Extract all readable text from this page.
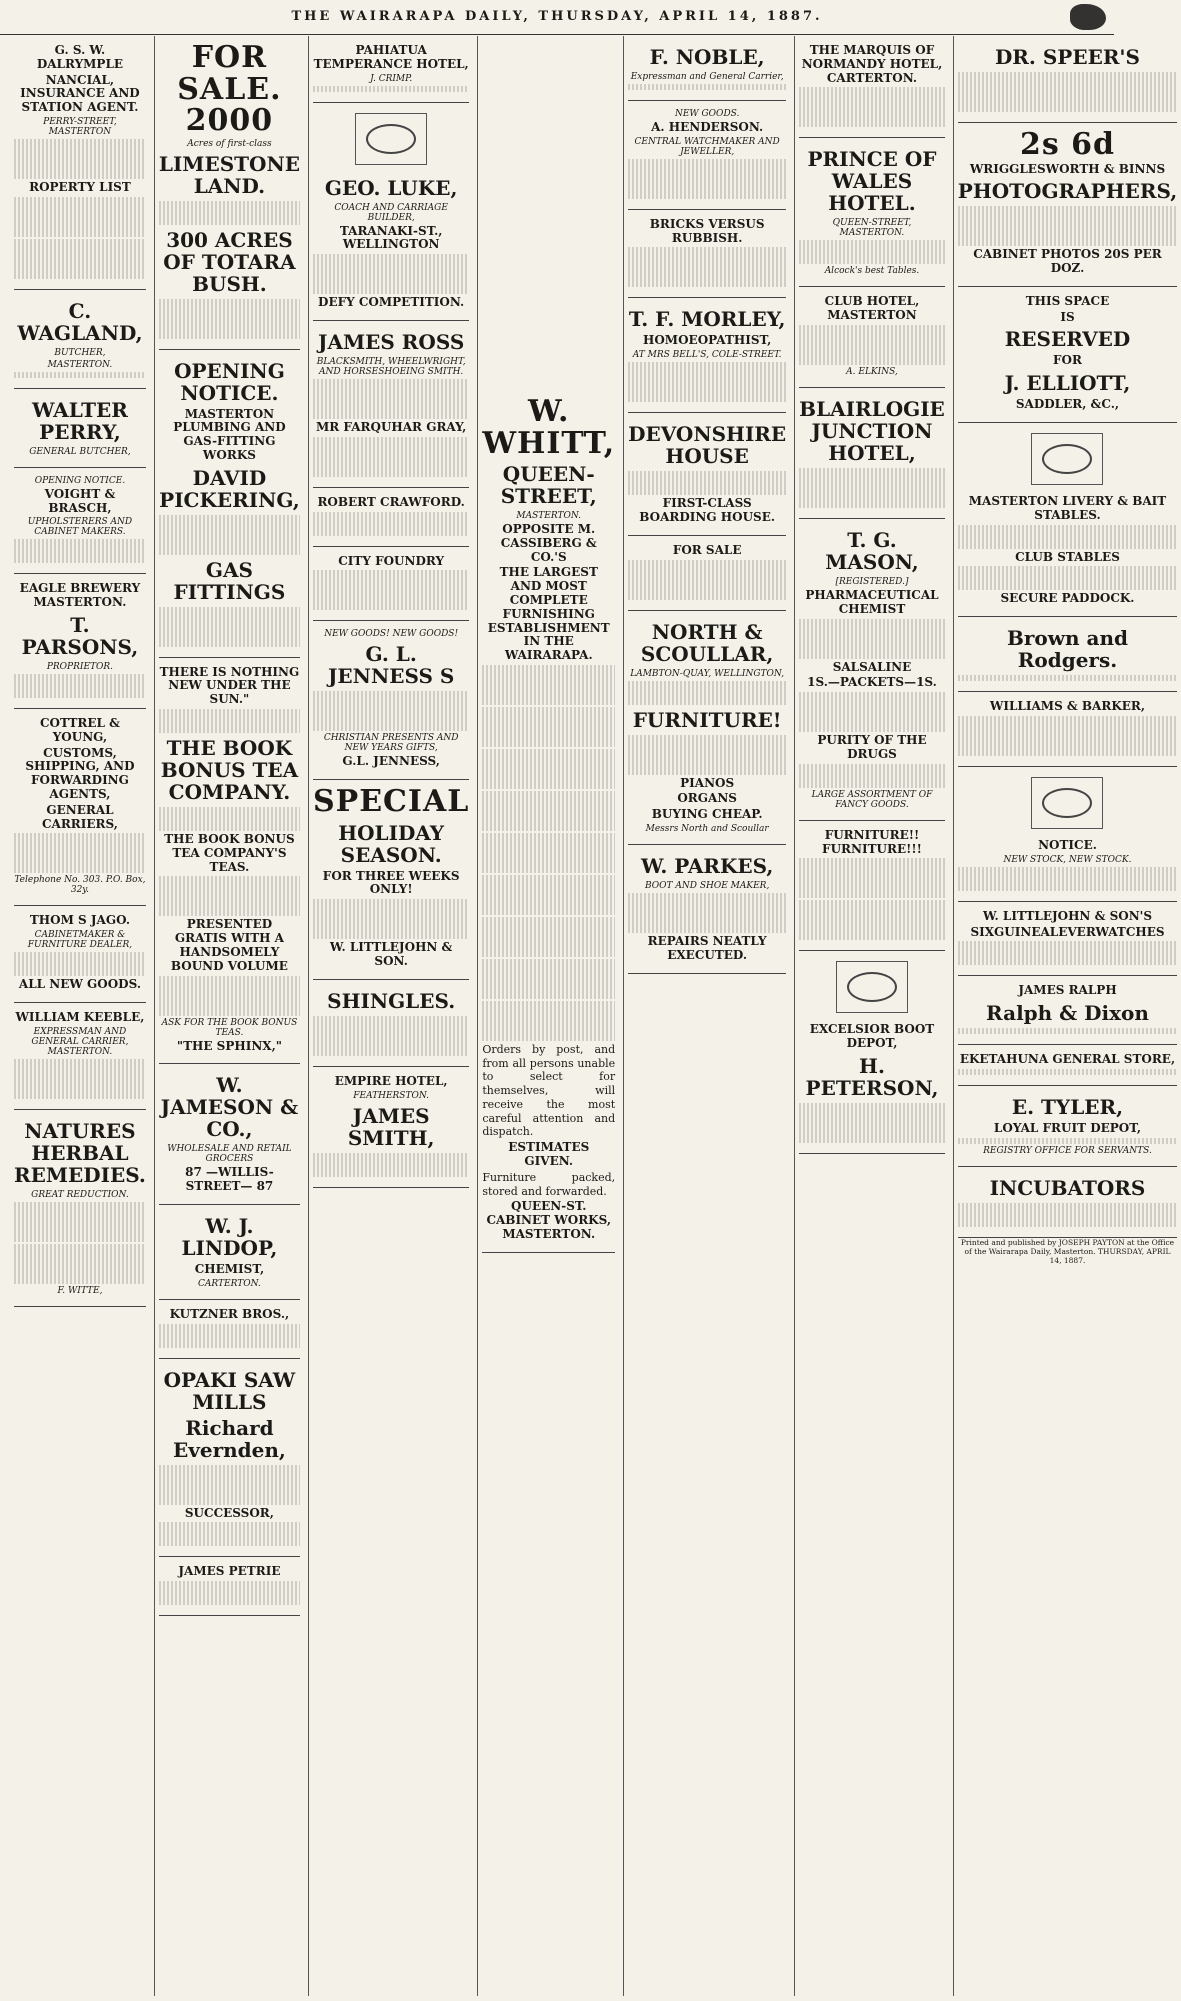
THE WAIRARAPA DAILY, THURSDAY, APRIL 14, 1887.
G. S. W. DALRYMPLE
NANCIAL, INSURANCE AND STATION AGENT.
PERRY-STREET, MASTERTON
ROPERTY LIST
C. WAGLAND,
BUTCHER,
MASTERTON.
WALTER PERRY,
GENERAL BUTCHER,
OPENING NOTICE.
VOIGHT & BRASCH,
UPHOLSTERERS AND CABINET MAKERS.
EAGLE BREWERY MASTERTON.
T. PARSONS,
PROPRIETOR.
COTTREL & YOUNG,
CUSTOMS, SHIPPING, AND FORWARDING AGENTS,
GENERAL CARRIERS,
Telephone No. 303. P.O. Box, 32y.
THOM S JAGO.
CABINETMAKER & FURNITURE DEALER,
ALL NEW GOODS.
WILLIAM KEEBLE,
EXPRESSMAN AND GENERAL CARRIER, MASTERTON.
NATURES HERBAL REMEDIES.
GREAT REDUCTION.
F. WITTE,
FOR SALE.
2000
Acres of first-class
LIMESTONE LAND.
300 ACRES OF TOTARA BUSH.
OPENING NOTICE.
MASTERTON PLUMBING AND GAS-FITTING WORKS
DAVID PICKERING,
GAS FITTINGS
THERE IS NOTHING NEW UNDER THE SUN."
THE BOOK BONUS TEA COMPANY.
THE BOOK BONUS TEA COMPANY'S TEAS.
PRESENTED GRATIS WITH A HANDSOMELY BOUND VOLUME
ASK FOR THE BOOK BONUS TEAS.
"THE SPHINX,"
W. JAMESON & CO.,
WHOLESALE AND RETAIL GROCERS
87 —WILLIS-STREET— 87
W. J. LINDOP,
CHEMIST,
CARTERTON.
KUTZNER BROS.,
OPAKI SAW MILLS
Richard Evernden,
SUCCESSOR,
JAMES PETRIE
PAHIATUA TEMPERANCE HOTEL,
J. CRIMP.
GEO. LUKE,
COACH AND CARRIAGE BUILDER,
TARANAKI-ST., WELLINGTON
DEFY COMPETITION.
JAMES ROSS
BLACKSMITH, WHEELWRIGHT, AND HORSESHOEING SMITH.
MR FARQUHAR GRAY,
ROBERT CRAWFORD.
CITY FOUNDRY
NEW GOODS! NEW GOODS!
G. L. JENNESS S
CHRISTIAN PRESENTS AND NEW YEARS GIFTS,
G.L. JENNESS,
SPECIAL
HOLIDAY SEASON.
FOR THREE WEEKS ONLY!
W. LITTLEJOHN & SON.
SHINGLES.
EMPIRE HOTEL,
FEATHERSTON.
JAMES SMITH,
W. WHITT,
QUEEN-STREET,
MASTERTON.
OPPOSITE M. CASSIBERG & CO.'S
THE LARGEST AND MOST COMPLETE FURNISHING ESTABLISHMENT IN THE WAIRARAPA.
Orders by post, and from all persons unable to select for themselves, will receive the most careful attention and dispatch.
ESTIMATES GIVEN.
Furniture packed, stored and forwarded.
QUEEN-ST. CABINET WORKS, MASTERTON.
F. NOBLE,
Expressman and General Carrier,
NEW GOODS.
A. HENDERSON.
CENTRAL WATCHMAKER AND JEWELLER,
BRICKS VERSUS RUBBISH.
T. F. MORLEY,
HOMOEOPATHIST,
AT MRS BELL'S, COLE-STREET.
DEVONSHIRE HOUSE
FIRST-CLASS BOARDING HOUSE.
FOR SALE
NORTH & SCOULLAR,
LAMBTON-QUAY, WELLINGTON,
FURNITURE!
PIANOS
ORGANS
BUYING CHEAP.
Messrs North and Scoullar
W. PARKES,
BOOT AND SHOE MAKER,
REPAIRS NEATLY EXECUTED.
THE MARQUIS OF NORMANDY HOTEL, CARTERTON.
PRINCE OF WALES HOTEL.
QUEEN-STREET, MASTERTON.
Alcock's best Tables.
CLUB HOTEL, MASTERTON
A. ELKINS,
BLAIRLOGIE JUNCTION HOTEL,
T. G. MASON,
[REGISTERED.]
PHARMACEUTICAL CHEMIST
SALSALINE
1S.—PACKETS—1S.
PURITY OF THE DRUGS
LARGE ASSORTMENT OF FANCY GOODS.
FURNITURE!! FURNITURE!!!
EXCELSIOR BOOT DEPOT,
H. PETERSON,
DR. SPEER'S
2s 6d
WRIGGLESWORTH & BINNS
PHOTOGRAPHERS,
CABINET PHOTOS 20S PER DOZ.
THIS SPACE
IS
RESERVED
FOR
J. ELLIOTT,
SADDLER, &C.,
MASTERTON LIVERY & BAIT STABLES.
CLUB STABLES
SECURE PADDOCK.
Brown and Rodgers.
WILLIAMS & BARKER,
NOTICE.
NEW STOCK, NEW STOCK.
W. LITTLEJOHN & SON'S
SIXGUINEALEVERWATCHES
JAMES RALPH
Ralph & Dixon
EKETAHUNA GENERAL STORE,
E. TYLER,
LOYAL FRUIT DEPOT,
REGISTRY OFFICE FOR SERVANTS.
INCUBATORS
Printed and published by JOSEPH PAYTON at the Office of the Wairarapa Daily, Masterton. THURSDAY, APRIL 14, 1887.
